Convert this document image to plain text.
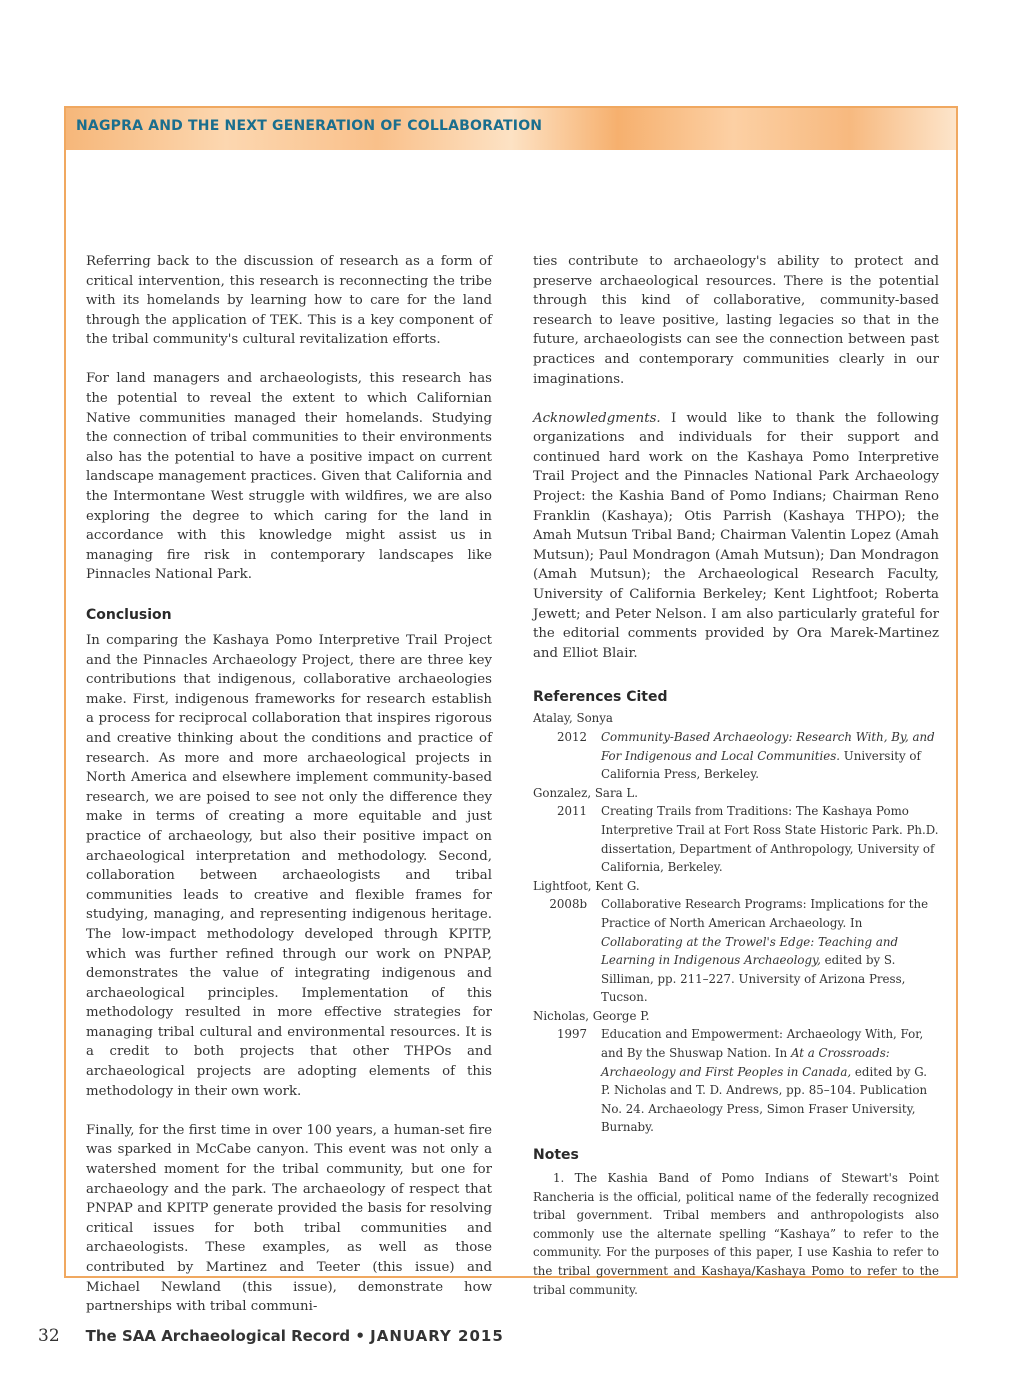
NAGPRA AND THE NEXT GENERATION OF COLLABORATION

Referring back to the discussion of research as a form of critical intervention, this research is reconnecting the tribe with its homelands by learning how to care for the land through the application of TEK. This is a key component of the tribal community's cultural revitalization efforts.

For land managers and archaeologists, this research has the potential to reveal the extent to which Californian Native communities managed their homelands. Studying the connection of tribal communities to their environments also has the potential to have a positive impact on current landscape management practices. Given that California and the Intermontane West struggle with wildfires, we are also exploring the degree to which caring for the land in accordance with this knowledge might assist us in managing fire risk in contemporary landscapes like Pinnacles National Park.

Conclusion

In comparing the Kashaya Pomo Interpretive Trail Project and the Pinnacles Archaeology Project, there are three key contributions that indigenous, collaborative archaeologies make. First, indigenous frameworks for research establish a process for reciprocal collaboration that inspires rigorous and creative thinking about the conditions and practice of research. As more and more archaeological projects in North America and elsewhere implement community-based research, we are poised to see not only the difference they make in terms of creating a more equitable and just practice of archaeology, but also their positive impact on archaeological interpretation and methodology. Second, collaboration between archaeologists and tribal communities leads to creative and flexible frames for studying, managing, and representing indigenous heritage. The low-impact methodology developed through KPITP, which was further refined through our work on PNPAP, demonstrates the value of integrating indigenous and archaeological principles. Implementation of this methodology resulted in more effective strategies for managing tribal cultural and environmental resources. It is a credit to both projects that other THPOs and archaeological projects are adopting elements of this methodology in their own work.

Finally, for the first time in over 100 years, a human-set fire was sparked in McCabe canyon. This event was not only a watershed moment for the tribal community, but one for archaeology and the park. The archaeology of respect that PNPAP and KPITP generate provided the basis for resolving critical issues for both tribal communities and archaeologists. These examples, as well as those contributed by Martinez and Teeter (this issue) and Michael Newland (this issue), demonstrate how partnerships with tribal communi-

ties contribute to archaeology's ability to protect and preserve archaeological resources. There is the potential through this kind of collaborative, community-based research to leave positive, lasting legacies so that in the future, archaeologists can see the connection between past practices and contemporary communities clearly in our imaginations.

Acknowledgments. I would like to thank the following organizations and individuals for their support and continued hard work on the Kashaya Pomo Interpretive Trail Project and the Pinnacles National Park Archaeology Project: the Kashia Band of Pomo Indians; Chairman Reno Franklin (Kashaya); Otis Parrish (Kashaya THPO); the Amah Mutsun Tribal Band; Chairman Valentin Lopez (Amah Mutsun); Paul Mondragon (Amah Mutsun); Dan Mondragon (Amah Mutsun); the Archaeological Research Faculty, University of California Berkeley; Kent Lightfoot; Roberta Jewett; and Peter Nelson. I am also particularly grateful for the editorial comments provided by Ora Marek-Martinez and Elliot Blair.

References Cited

Atalay, Sonya

2012 Community-Based Archaeology: Research With, By, and For Indigenous and Local Communities. University of California Press, Berkeley.

Gonzalez, Sara L.

2011 Creating Trails from Traditions: The Kashaya Pomo Interpretive Trail at Fort Ross State Historic Park. Ph.D. dissertation, Department of Anthropology, University of California, Berkeley.

Lightfoot, Kent G.

2008b Collaborative Research Programs: Implications for the Practice of North American Archaeology. In Collaborating at the Trowel's Edge: Teaching and Learning in Indigenous Archaeology, edited by S. Silliman, pp. 211–227. University of Arizona Press, Tucson.

Nicholas, George P.

1997 Education and Empowerment: Archaeology With, For, and By the Shuswap Nation. In At a Crossroads: Archaeology and First Peoples in Canada, edited by G. P. Nicholas and T. D. Andrews, pp. 85–104. Publication No. 24. Archaeology Press, Simon Fraser University, Burnaby.
Notes

1. The Kashia Band of Pomo Indians of Stewart's Point Rancheria is the official, political name of the federally recognized tribal government. Tribal members and anthropologists also commonly use the alternate spelling “Kashaya” to refer to the community. For the purposes of this paper, I use Kashia to refer to the tribal government and Kashaya/Kashaya Pomo to refer to the tribal community.

32 The SAA Archaeological Record • JANUARY 2015
